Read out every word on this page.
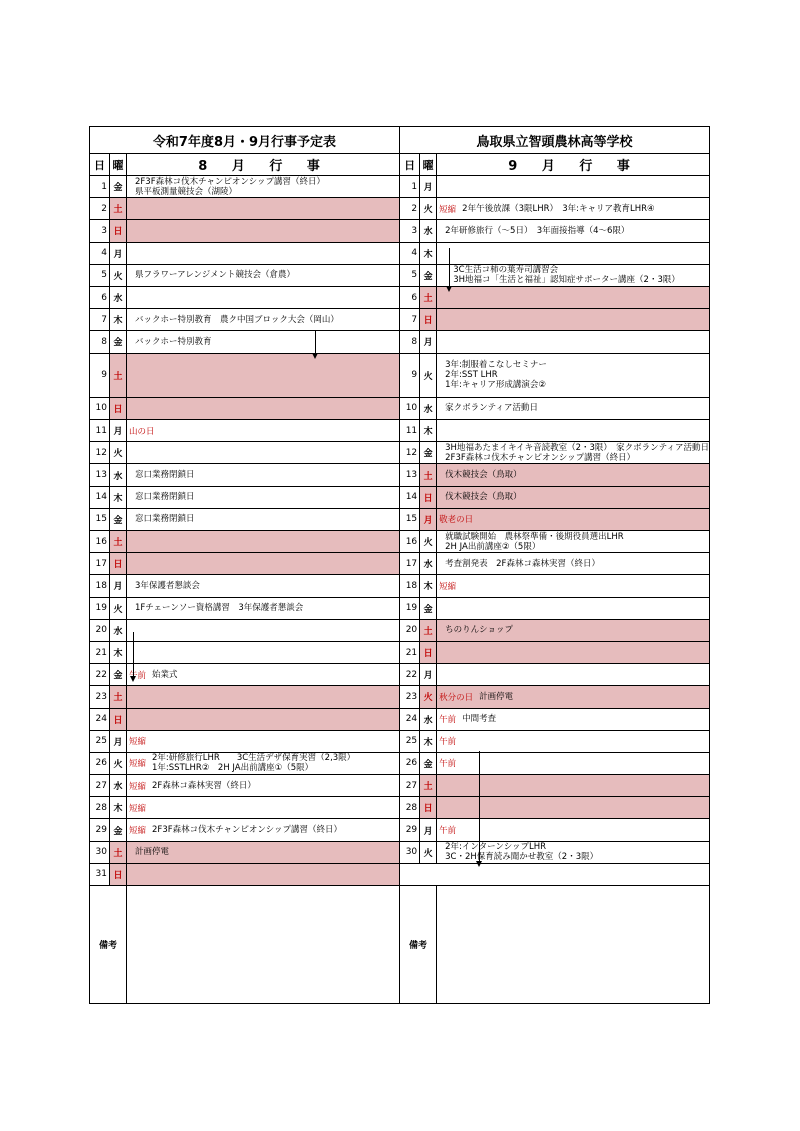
令和7年度8月・9月行事予定表	鳥取県立智頭農林高等学校
日 曜	8 月 行 事
1 金
2F3F森林コ伐木チャンピオンシップ講習（終日）
県平板測量競技会（湖陵）
2 土
3 日
4 月
5 火	県フラワーアレンジメント競技会（倉農）
6 水
7 木	バックホー特別教育　農ク中国ブロック大会（岡山）
8 金	バックホー特別教育
9 土
10 日
11 月 山の日
12 火
13 水	窓口業務閉鎖日
14 木	窓口業務閉鎖日
15 金	窓口業務閉鎖日
16 土
17 日
18 月	3年保護者懇談会
19 火	1Fチェーンソー資格講習　3年保護者懇談会
20 水
21 木
22 金 午前 始業式
23 土
24 日
25 月 短縮
26 火 短縮
2年:研修旅行LHR　　3C生活デザ保育実習（2,3限）
1年:SSTLHR②　2H JA出前講座①（5限）
27 水 短縮 2F森林コ森林実習（終日）
28 木 短縮
29 金 短縮 2F3F森林コ伐木チャンピオンシップ講習（終日）
30 土	計画停電
31 日
日 曜	9 月 行 事
1 月
2 火 短縮 2年午後放課（3限LHR）　3年:キャリア教育LHR④
3 水	2年研修旅行（～5日）　3年面接指導（4～6限）
4 木
5 金
3C生活コ柿の葉寿司講習会
3H地福コ「生活と福祉」認知症サポーター講座（2・3限）
6 土
7 日
8 月
9 火
3年:制服着こなしセミナー
2年:SST LHR
1年:キャリア形成講演会②
10 水	家クボランティア活動日
11 木
12 金
3H地福あたまイキイキ音読教室（2・3限）　家クボランティア活動日
2F3F森林コ伐木チャンピオンシップ講習（終日）
13 土	伐木競技会（鳥取）
14 日	伐木競技会（鳥取）
15 月 敬老の日
16 火
就職試験開始　農林祭準備・後期役員選出LHR
2H JA出前講座②（5限）
17 水	考査割発表　2F森林コ森林実習（終日）
18 木 短縮
19 金
20 土	ちのりんショップ
21 日
22 月
23 火 秋分の日 計画停電
24 水 午前 中間考査
25 木 午前
26 金 午前
27 土
28 日
29 月 午前
30 火
2年:インターンシップLHR
3C・2H保育読み聞かせ教室（2・3限）
備考	備考
